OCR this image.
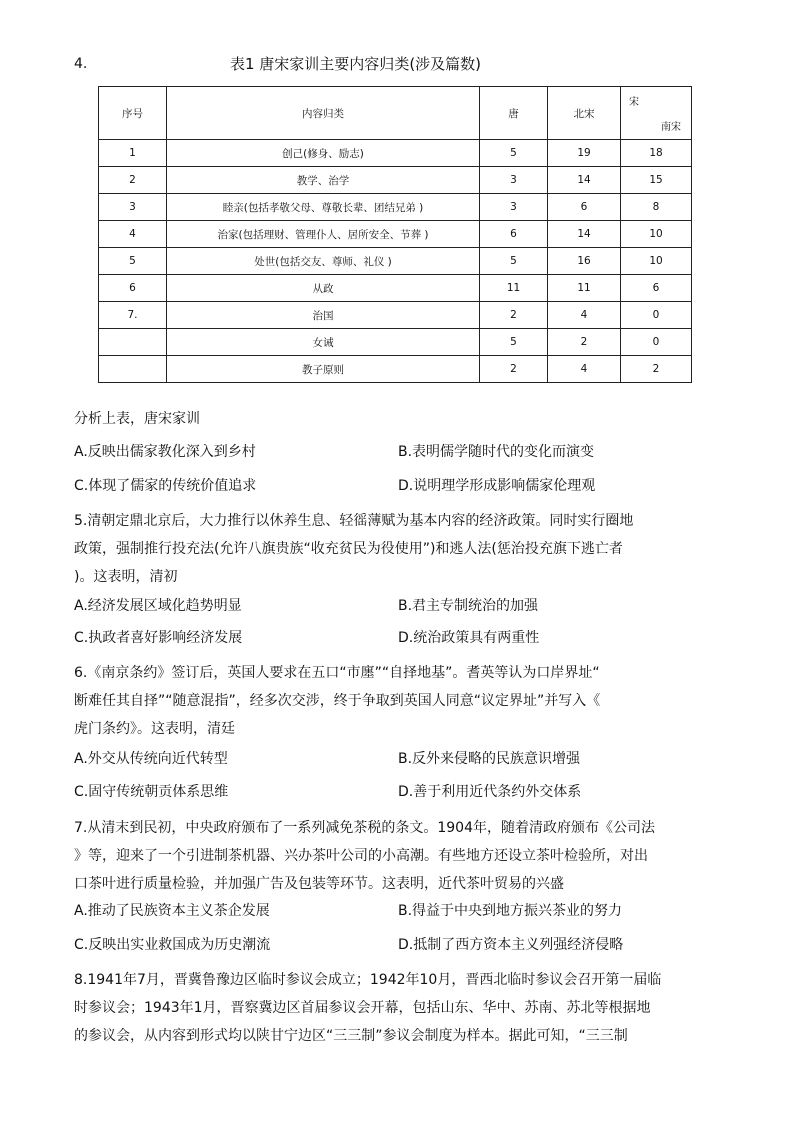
4.	表1 唐宋家训主要内容归类(涉及篇数)
序号	内容归类	唐	北宋	宋
南宋

1	创己(修身、励志)	5	19	18
2	教学、治学	3	14	15
3	睦亲(包括孝敬父母、尊敬长辈、团结兄弟 )	3	6	8
4	治家(包括理财、管理仆人、居所安全、节葬 )	6	14	10
5	处世(包括交友、尊师、礼仪 )	5	16	10
6	从政	11	11	6
7.	治国	2	4	0
	女诫	5	2	0
	教子原则	2	4	2
分析上表，唐宋家训
A.反映出儒家教化深入到乡村	B.表明儒学随时代的变化而演变
C.体现了儒家的传统价值追求	D.说明理学形成影响儒家伦理观
5.清朝定鼎北京后，大力推行以休养生息、轻徭薄赋为基本内容的经济政策。同时实行圈地
政策，强制推行投充法(允许八旗贵族“收充贫民为役使用”)和逃人法(惩治投充旗下逃亡者
)。这表明，清初
A.经济发展区域化趋势明显	B.君主专制统治的加强
C.执政者喜好影响经济发展	D.统治政策具有两重性
6.《南京条约》签订后，英国人要求在五口“市廛”“自择地基”。耆英等认为口岸界址“
断难任其自择”“随意混指”，经多次交涉，终于争取到英国人同意“议定界址”并写入《
虎门条约》。这表明，清廷
A.外交从传统向近代转型	B.反外来侵略的民族意识增强
C.固守传统朝贡体系思维	D.善于利用近代条约外交体系
7.从清末到民初，中央政府颁布了一系列减免茶税的条文。1904年，随着清政府颁布《公司法
》等，迎来了一个引进制茶机器、兴办茶叶公司的小高潮。有些地方还设立茶叶检验所，对出
口茶叶进行质量检验，并加强广告及包装等环节。这表明，近代茶叶贸易的兴盛
A.推动了民族资本主义茶企发展	B.得益于中央到地方振兴茶业的努力
C.反映出实业救国成为历史潮流	D.抵制了西方资本主义列强经济侵略
8.1941年7月，晋冀鲁豫边区临时参议会成立；1942年10月，晋西北临时参议会召开第一届临
时参议会；1943年1月，晋察冀边区首届参议会开幕，包括山东、华中、苏南、苏北等根据地
的参议会，从内容到形式均以陕甘宁边区“三三制”参议会制度为样本。据此可知，“三三制
